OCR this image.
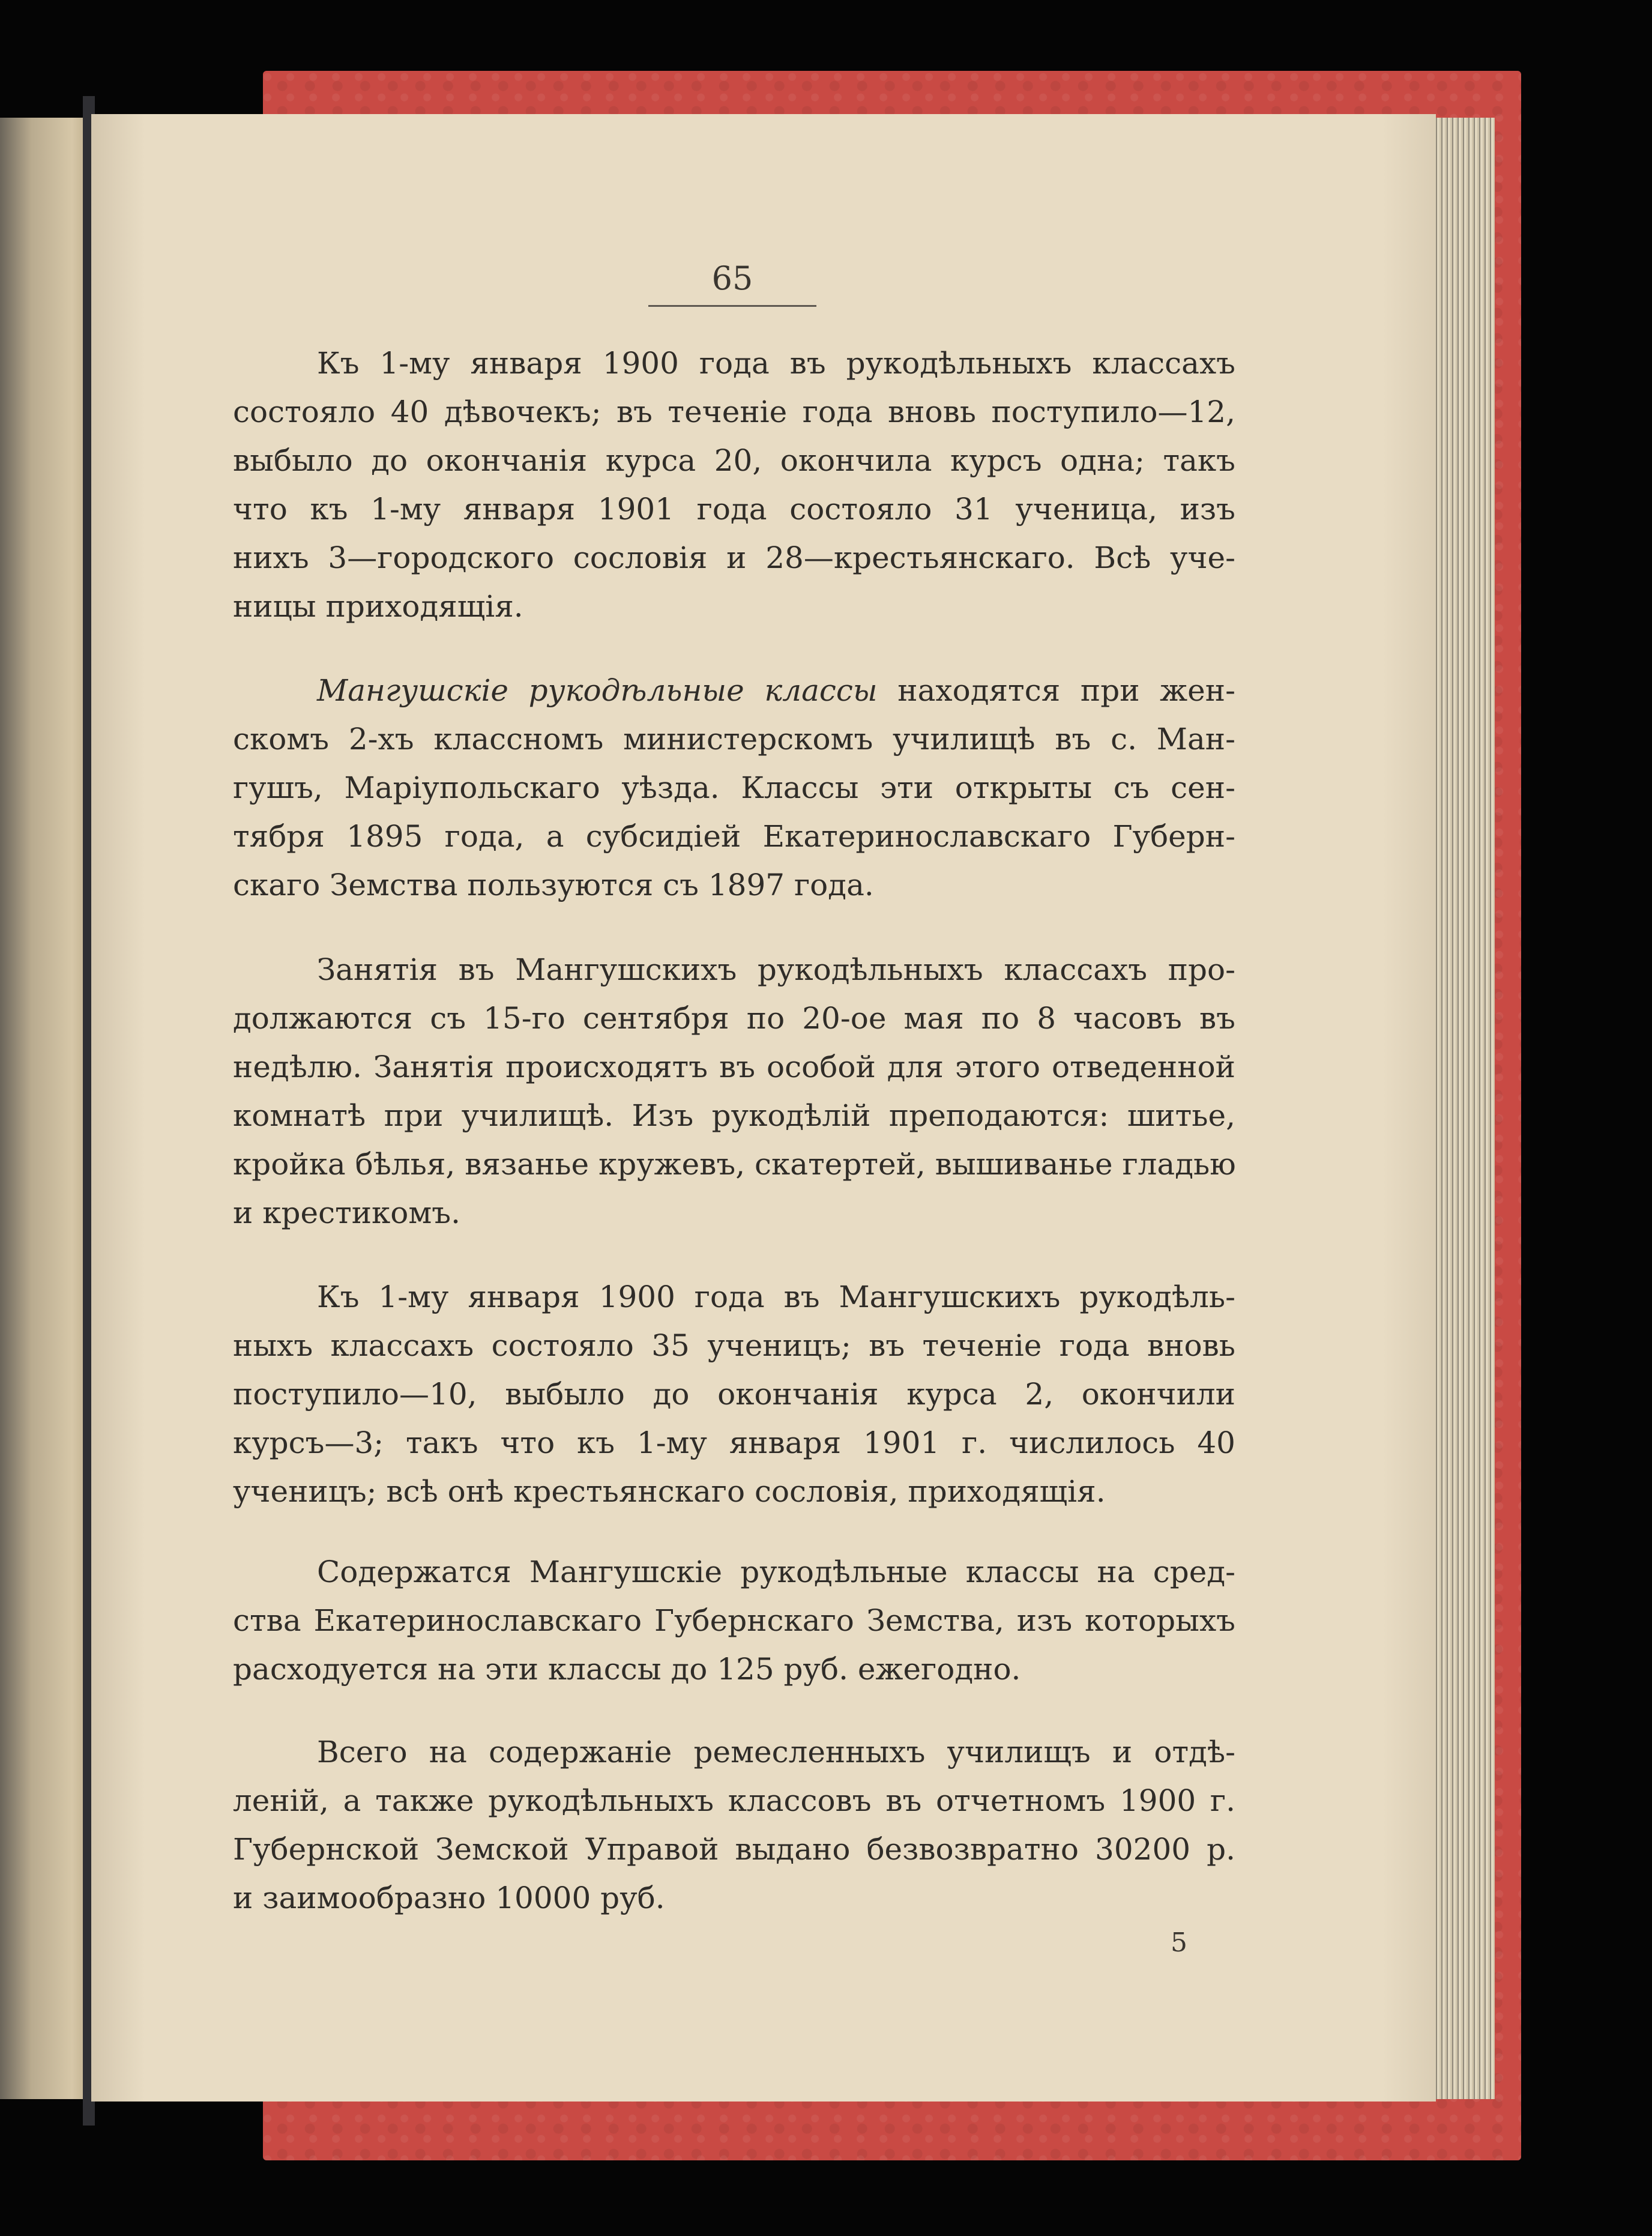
65

Къ 1-му января 1900 года въ рукодѣльныхъ классахъ
состояло 40 дѣвочекъ; въ теченіе года вновь поступило—12,
выбыло до окончанія курса 20, окончила курсъ одна; такъ
что къ 1-му января 1901 года состояло 31 ученица, изъ
нихъ 3—городского сословія и 28—крестьянскаго. Всѣ уче-
ницы приходящія.

Мангушскіе рукодѣльные классы находятся при жен-
скомъ 2-хъ классномъ министерскомъ училищѣ въ с. Ман-
гушъ, Маріупольскаго уѣзда. Классы эти открыты съ сен-
тября 1895 года, а субсидіей Екатеринославскаго Губерн-
скаго Земства пользуются съ 1897 года.

Занятія въ Мангушскихъ рукодѣльныхъ классахъ про-
должаются съ 15-го сентября по 20-ое мая по 8 часовъ въ
недѣлю. Занятія происходятъ въ особой для этого отведенной
комнатѣ при училищѣ. Изъ рукодѣлій преподаются: шитье,
кройка бѣлья, вязанье кружевъ, скатертей, вышиванье гладью
и крестикомъ.

Къ 1-му января 1900 года въ Мангушскихъ рукодѣль-
ныхъ классахъ состояло 35 ученицъ; въ теченіе года вновь
поступило—10, выбыло до окончанія курса 2, окончили
курсъ—3; такъ что къ 1-му января 1901 г. числилось 40
ученицъ; всѣ онѣ крестьянскаго сословія, приходящія.

Содержатся Мангушскіе рукодѣльные классы на сред-
ства Екатеринославскаго Губернскаго Земства, изъ которыхъ
расходуется на эти классы до 125 руб. ежегодно.

Всего на содержаніе ремесленныхъ училищъ и отдѣ-
леній, а также рукодѣльныхъ классовъ въ отчетномъ 1900 г.
Губернской Земской Управой выдано безвозвратно 30200 р.
и заимообразно 10000 руб.

5
